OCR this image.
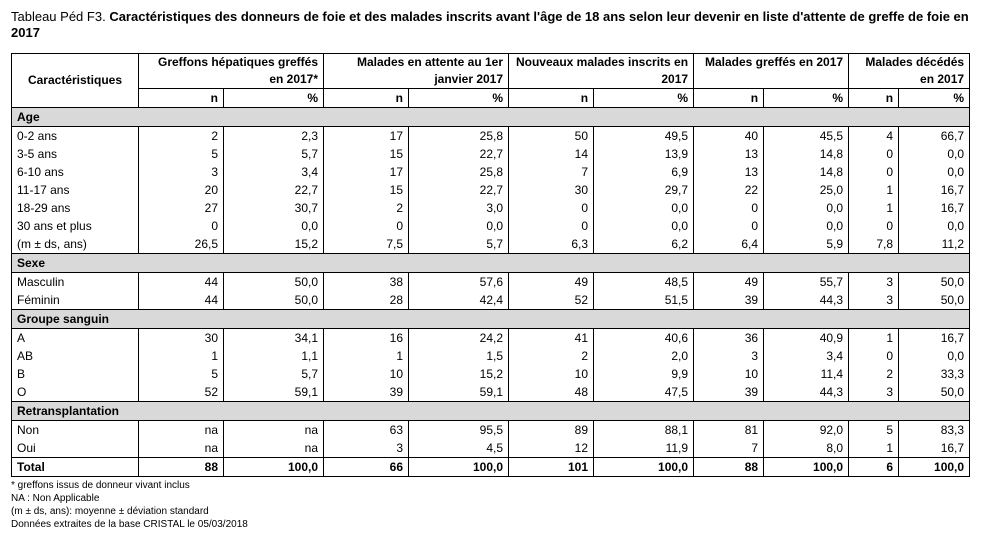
Tableau Péd F3. Caractéristiques des donneurs de foie et des malades inscrits avant l'âge de 18 ans selon leur devenir en liste d'attente de greffe de foie en 2017
Caractéristiques	Greffons hépatiques greffés en 2017*		Malades en attente au 1er janvier 2017		Nouveaux malades inscrits en 2017		Malades greffés en 2017		Malades décédés en 2017	
	n	%	n	%	n	%	n	%	n	%
Age										
0-2 ans	2	2,3	17	25,8	50	49,5	40	45,5	4	66,7
3-5 ans	5	5,7	15	22,7	14	13,9	13	14,8	0	0,0
6-10 ans	3	3,4	17	25,8	7	6,9	13	14,8	0	0,0
11-17 ans	20	22,7	15	22,7	30	29,7	22	25,0	1	16,7
18-29 ans	27	30,7	2	3,0	0	0,0	0	0,0	1	16,7
30 ans et plus	0	0,0	0	0,0	0	0,0	0	0,0	0	0,0
(m ± ds, ans)	26,5	15,2	7,5	5,7	6,3	6,2	6,4	5,9	7,8	11,2
Sexe										
Masculin	44	50,0	38	57,6	49	48,5	49	55,7	3	50,0
Féminin	44	50,0	28	42,4	52	51,5	39	44,3	3	50,0
Groupe sanguin										
A	30	34,1	16	24,2	41	40,6	36	40,9	1	16,7
AB	1	1,1	1	1,5	2	2,0	3	3,4	0	0,0
B	5	5,7	10	15,2	10	9,9	10	11,4	2	33,3
O	52	59,1	39	59,1	48	47,5	39	44,3	3	50,0
Retransplantation										
Non	na	na	63	95,5	89	88,1	81	92,0	5	83,3
Oui	na	na	3	4,5	12	11,9	7	8,0	1	16,7
Total	88	100,0	66	100,0	101	100,0	88	100,0	6	100,0
* greffons issus de donneur vivant inclus
NA : Non Applicable
(m ± ds, ans): moyenne ± déviation standard
Données extraites de la base CRISTAL le 05/03/2018
